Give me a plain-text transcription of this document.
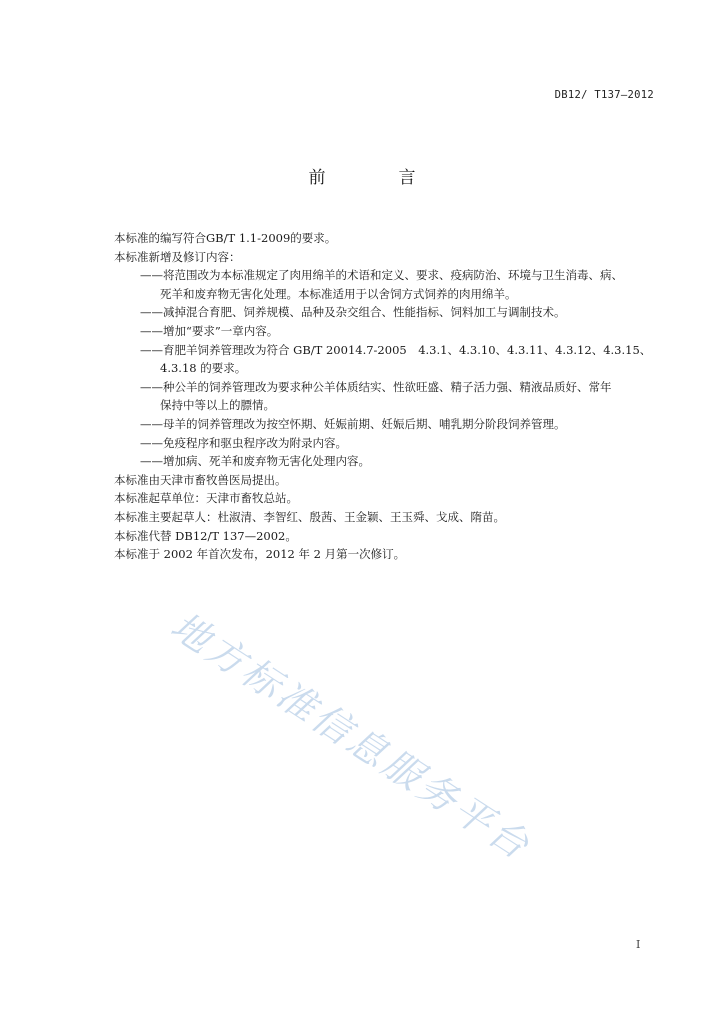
DB12/ T137—2012
前　言

本标准的编写符合GB/T 1.1-2009的要求。

本标准新增及修订内容：

——将范围改为本标准规定了肉用绵羊的术语和定义、要求、疫病防治、环境与卫生消毒、病、
死羊和废弃物无害化处理。本标准适用于以舍饲方式饲养的肉用绵羊。
——减掉混合育肥、饲养规模、品种及杂交组合、性能指标、饲料加工与调制技术。
——增加“要求”一章内容。
——育肥羊饲养管理改为符合 GB/T 20014.7-2005　4.3.1、4.3.10、4.3.11、4.3.12、4.3.15、
4.3.18 的要求。
——种公羊的饲养管理改为要求种公羊体质结实、性欲旺盛、精子活力强、精液品质好、常年
保持中等以上的膘情。
——母羊的饲养管理改为按空怀期、妊娠前期、妊娠后期、哺乳期分阶段饲养管理。
——免疫程序和驱虫程序改为附录内容。
——增加病、死羊和废弃物无害化处理内容。

本标准由天津市畜牧兽医局提出。

本标准起草单位：天津市畜牧总站。

本标准主要起草人：杜淑清、李智红、殷茜、王金颖、王玉舜、戈成、隋苗。

本标准代替 DB12/T 137—2002。

本标准于 2002 年首次发布，2012 年 2 月第一次修订。

地方标准信息服务平台
I
